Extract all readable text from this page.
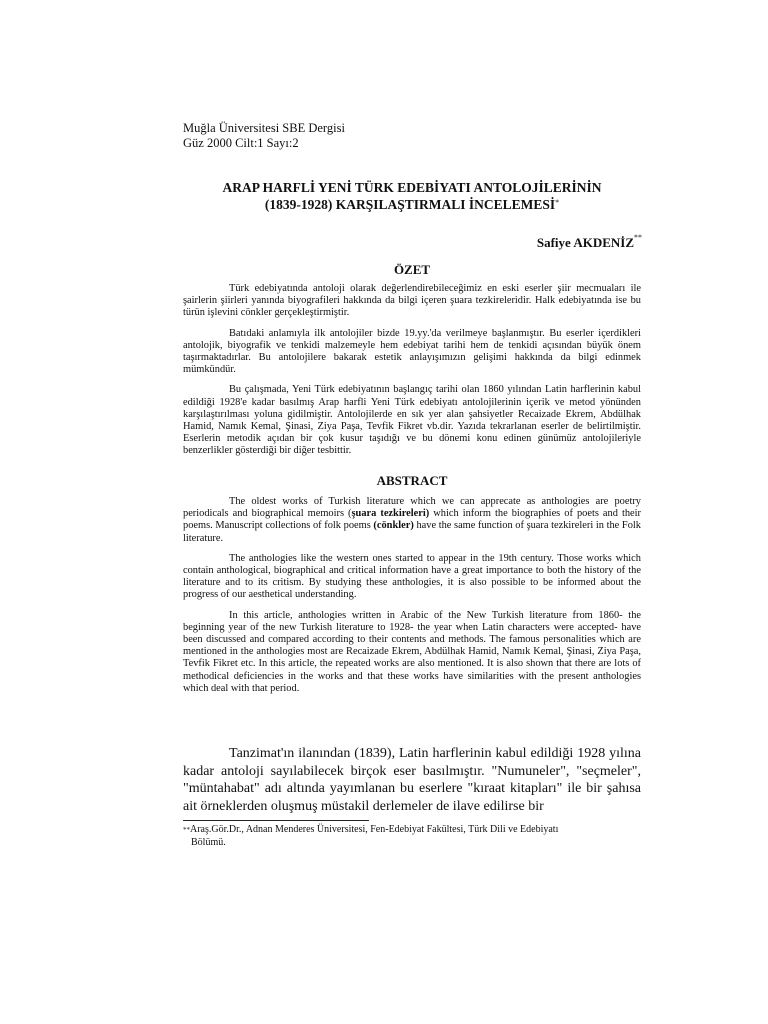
Muğla Üniversitesi SBE Dergisi
Güz 2000 Cilt:1 Sayı:2
ARAP HARFLİ YENİ TÜRK EDEBİYATI ANTOLOJİLERİNİN
(1839-1928) KARŞILAŞTIRMALI İNCELEMESİ*
Safiye AKDENİZ**
ÖZET

Türk edebiyatında antoloji olarak değerlendirebileceğimiz en eski eserler şiir mecmuaları ile şairlerin şiirleri yanında biyografileri hakkında da bilgi içeren şuara tezkireleridir. Halk edebiyatında ise bu türün işlevini cönkler gerçekleştirmiştir.

Batıdaki anlamıyla ilk antolojiler bizde 19.yy.'da verilmeye başlanmıştır. Bu eserler içerdikleri antolojik, biyografik ve tenkidi malzemeyle hem edebiyat tarihi hem de tenkidi açısından büyük önem taşırmaktadırlar. Bu antolojilere bakarak estetik anlayışımızın gelişimi hakkında da bilgi edinmek mümkündür.

Bu çalışmada, Yeni Türk edebiyatının başlangıç tarihi olan 1860 yılından Latin harflerinin kabul edildiği 1928'e kadar basılmış Arap harfli Yeni Türk edebiyatı antolojilerinin içerik ve metod yönünden karşılaştırılması yoluna gidilmiştir. Antolojilerde en sık yer alan şahsiyetler Recaizade Ekrem, Abdülhak Hamid, Namık Kemal, Şinasi, Ziya Paşa, Tevfik Fikret vb.dir. Yazıda tekrarlanan eserler de belirtilmiştir. Eserlerin metodik açıdan bir çok kusur taşıdığı ve bu dönemi konu edinen günümüz antolojileriyle benzerlikler gösterdiği bir diğer tesbittir.

ABSTRACT

The oldest works of Turkish literature which we can apprecate as anthologies are poetry periodicals and biographical memoirs (şuara tezkireleri) which inform the biographies of poets and their poems. Manuscript collections of folk poems (cönkler) have the same function of şuara tezkireleri in the Folk literature.

The anthologies like the western ones started to appear in the 19th century. Those works which contain anthological, biographical and critical information have a great importance to both the history of the literature and to its critism. By studying these anthologies, it is also possible to be informed about the progress of our aesthetical understanding.

In this article, anthologies written in Arabic of the New Turkish literature from 1860- the beginning year of the new Turkish literature to 1928- the year when Latin characters were accepted- have been discussed and compared according to their contents and methods. The famous personalities which are mentioned in the anthologies most are Recaizade Ekrem, Abdülhak Hamid, Namık Kemal, Şinasi, Ziya Paşa, Tevfik Fikret etc. In this article, the repeated works are also mentioned. It is also shown that there are lots of methodical deficiencies in the works and that these works have similarities with the present anthologies which deal with that period.

Tanzimat'ın ilanından (1839), Latin harflerinin kabul edildiği 1928 yılına kadar antoloji sayılabilecek birçok eser basılmıştır. "Numuneler", "seçmeler", "müntahabat" adı altında yayımlanan bu eserlere "kıraat kitapları" ile bir şahısa ait örneklerden oluşmuş müstakil derlemeler de ilave edilirse bir

**Araş.Gör.Dr., Adnan Menderes Üniversitesi, Fen-Edebiyat Fakültesi, Türk Dili ve Edebiyatı
Bölümü.
